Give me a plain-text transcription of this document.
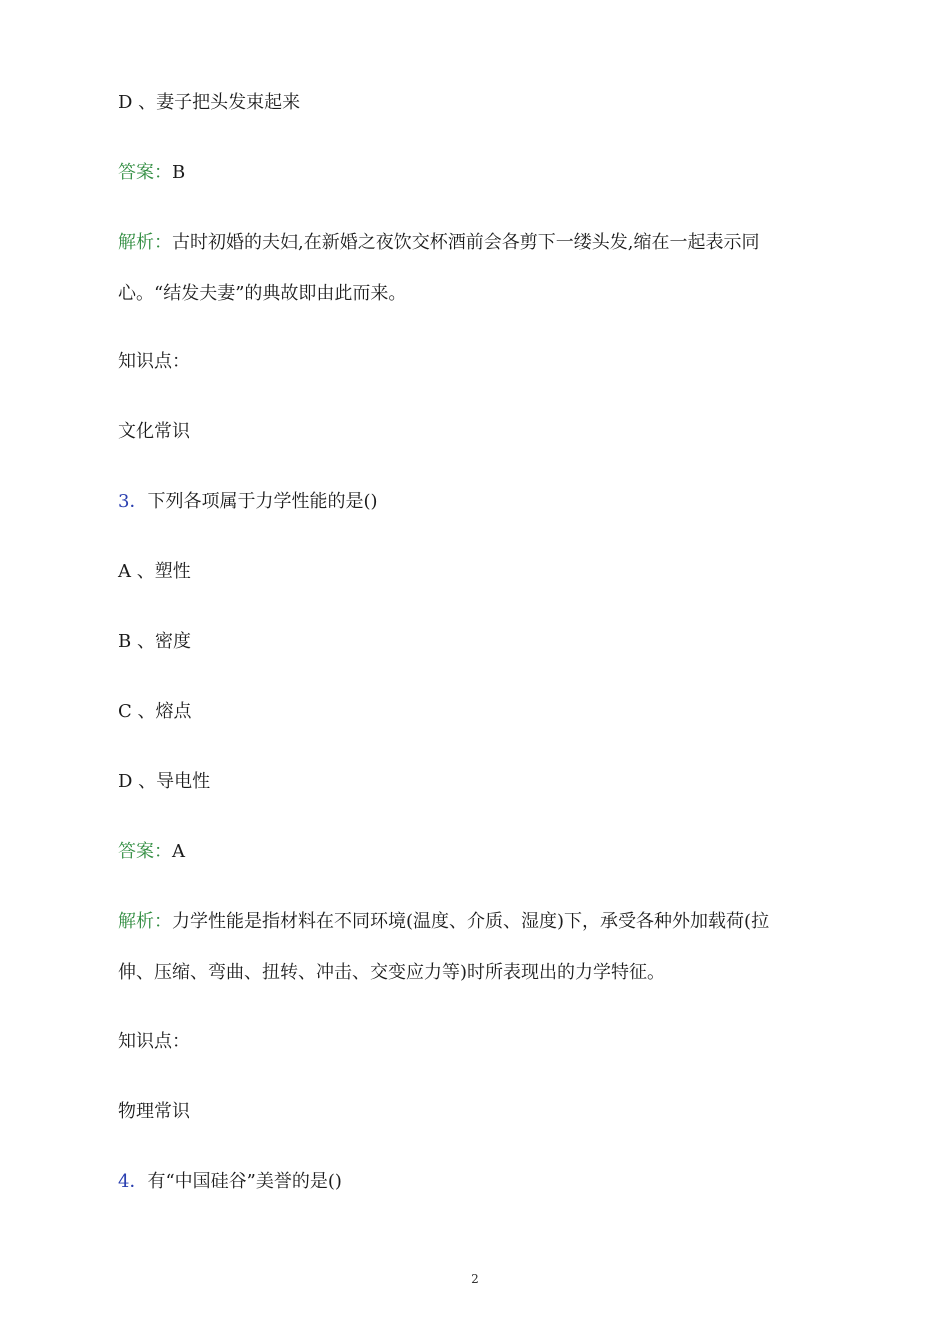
D 、妻子把头发束起来

答案：B

解析：古时初婚的夫妇,在新婚之夜饮交杯酒前会各剪下一缕头发,缩在一起表示同

心。“结发夫妻”的典故即由此而来。

知识点：

文化常识

3．下列各项属于力学性能的是()

A 、塑性

B 、密度

C 、熔点

D 、导电性

答案：A

解析：力学性能是指材料在不同环境(温度、介质、湿度)下，承受各种外加载荷(拉

伸、压缩、弯曲、扭转、冲击、交变应力等)时所表现出的力学特征。

知识点：

物理常识

4．有“中国硅谷”美誉的是()

2
